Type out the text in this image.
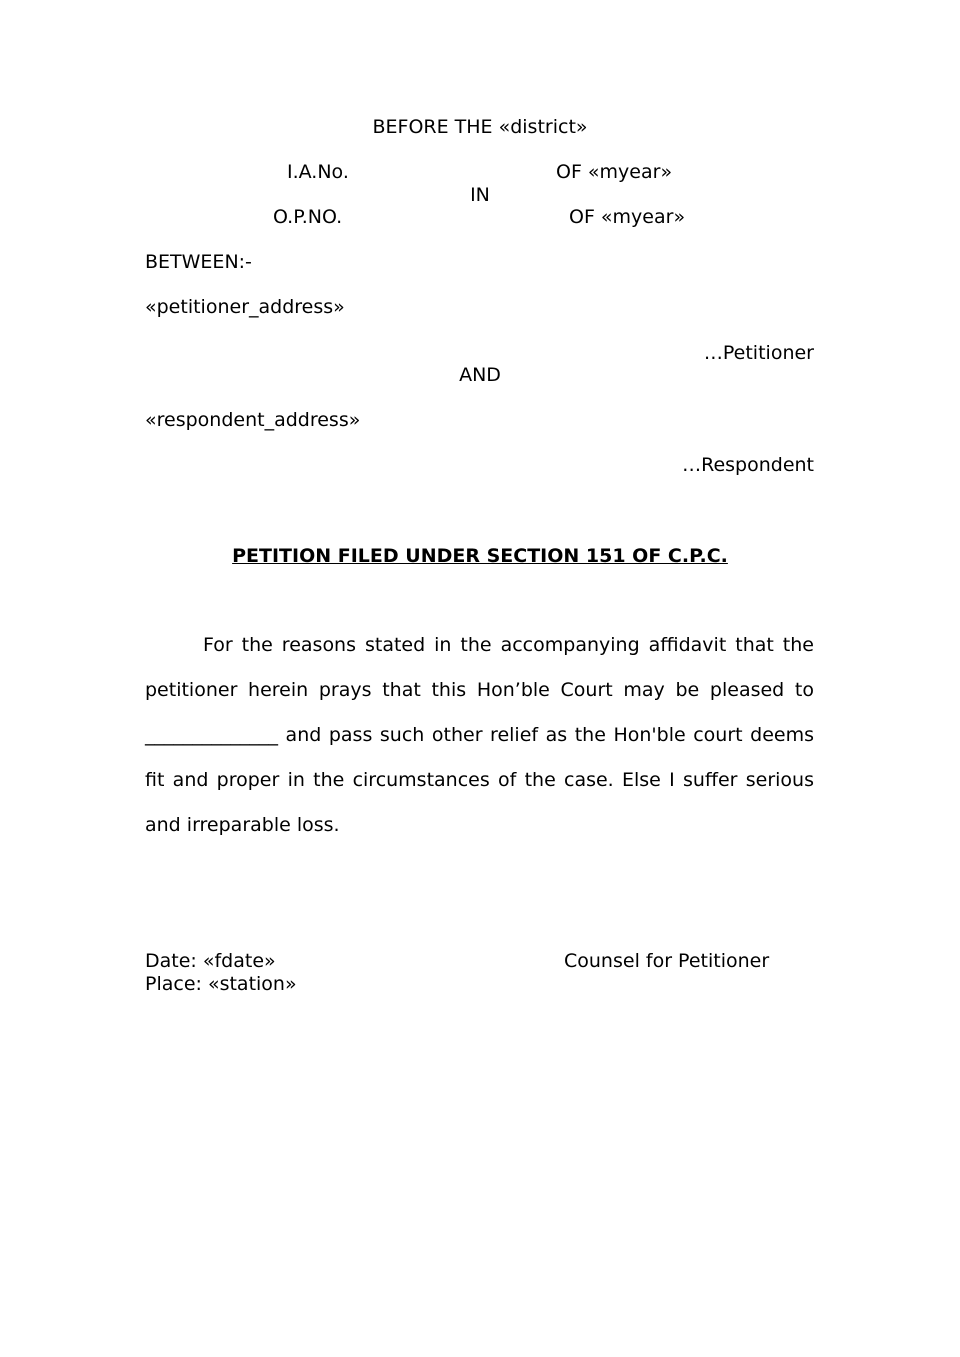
BEFORE THE «district»
I.A.No.	OF «myear»
IN
O.P.NO.	OF «myear»
BETWEEN:-
«petitioner_address»
…Petitioner
AND
«respondent_address»
…Respondent
PETITION FILED UNDER SECTION 151 OF C.P.C.
For the reasons stated in the accompanying affidavit that the petitioner herein prays that this Hon’ble Court may be pleased to ______________ and pass such other relief as the Hon'ble court deems fit and proper in the circumstances of the case. Else I suffer serious and irreparable loss.
Date: «fdate»
Place: «station»
Counsel for Petitioner
